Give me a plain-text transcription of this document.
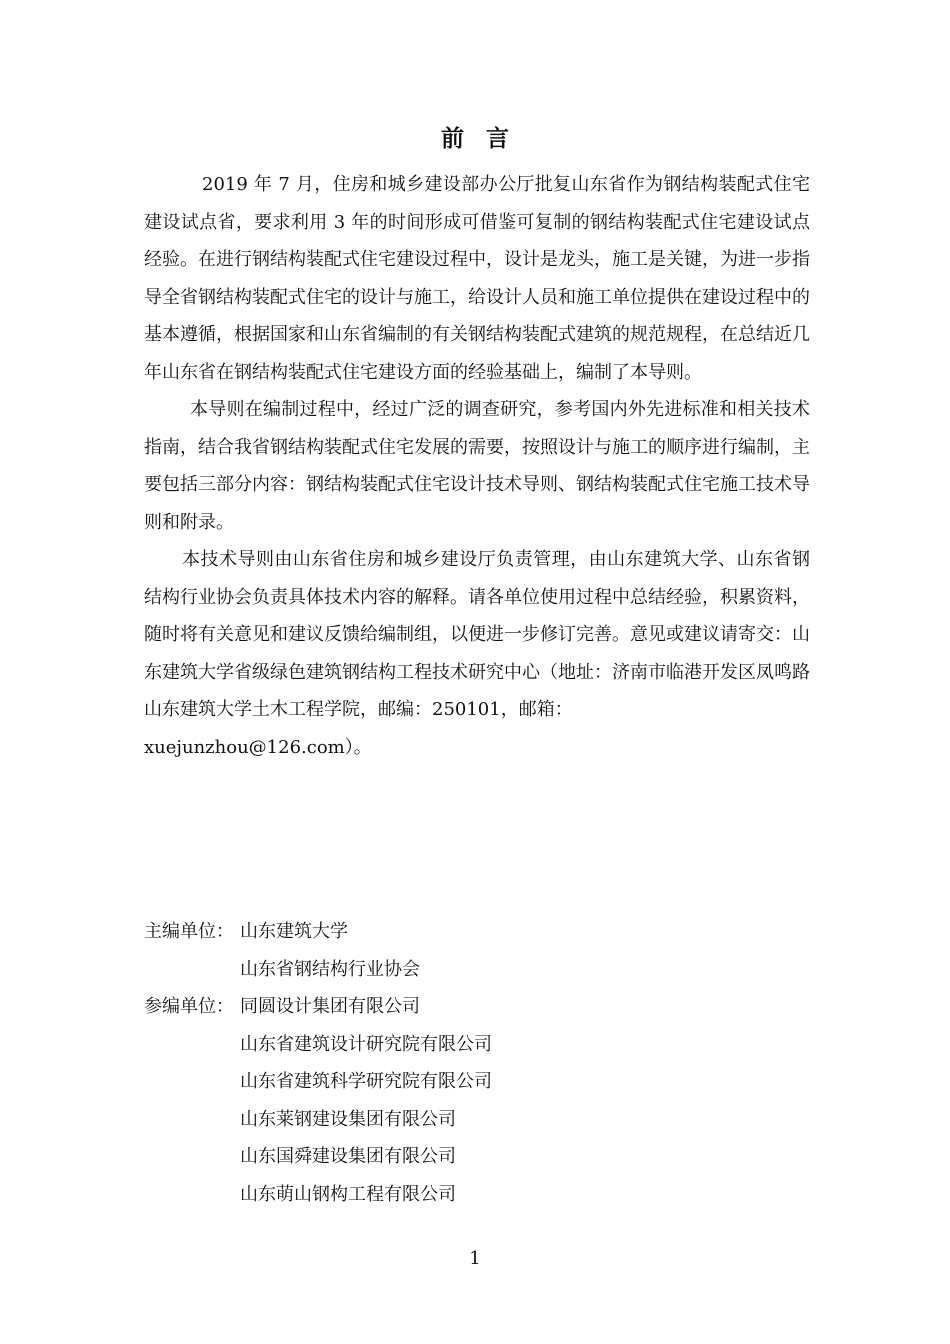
前言

2019 年 7 月，住房和城乡建设部办公厅批复山东省作为钢结构装配式住宅建设试点省，要求利用 3 年的时间形成可借鉴可复制的钢结构装配式住宅建设试点经验。在进行钢结构装配式住宅建设过程中，设计是龙头，施工是关键，为进一步指导全省钢结构装配式住宅的设计与施工，给设计人员和施工单位提供在建设过程中的基本遵循，根据国家和山东省编制的有关钢结构装配式建筑的规范规程，在总结近几年山东省在钢结构装配式住宅建设方面的经验基础上，编制了本导则。

本导则在编制过程中，经过广泛的调查研究，参考国内外先进标准和相关技术指南，结合我省钢结构装配式住宅发展的需要，按照设计与施工的顺序进行编制，主要包括三部分内容：钢结构装配式住宅设计技术导则、钢结构装配式住宅施工技术导则和附录。

本技术导则由山东省住房和城乡建设厅负责管理，由山东建筑大学、山东省钢结构行业协会负责具体技术内容的解释。请各单位使用过程中总结经验，积累资料，随时将有关意见和建议反馈给编制组，以便进一步修订完善。意见或建议请寄交：山东建筑大学省级绿色建筑钢结构工程技术研究中心（地址：济南市临港开发区凤鸣路山东建筑大学土木工程学院，邮编：250101，邮箱：

xuejunzhou@126.com）。

主编单位： 山东建筑大学
山东省钢结构行业协会
参编单位： 同圆设计集团有限公司
山东省建筑设计研究院有限公司
山东省建筑科学研究院有限公司
山东莱钢建设集团有限公司
山东国舜建设集团有限公司
山东萌山钢构工程有限公司
1
